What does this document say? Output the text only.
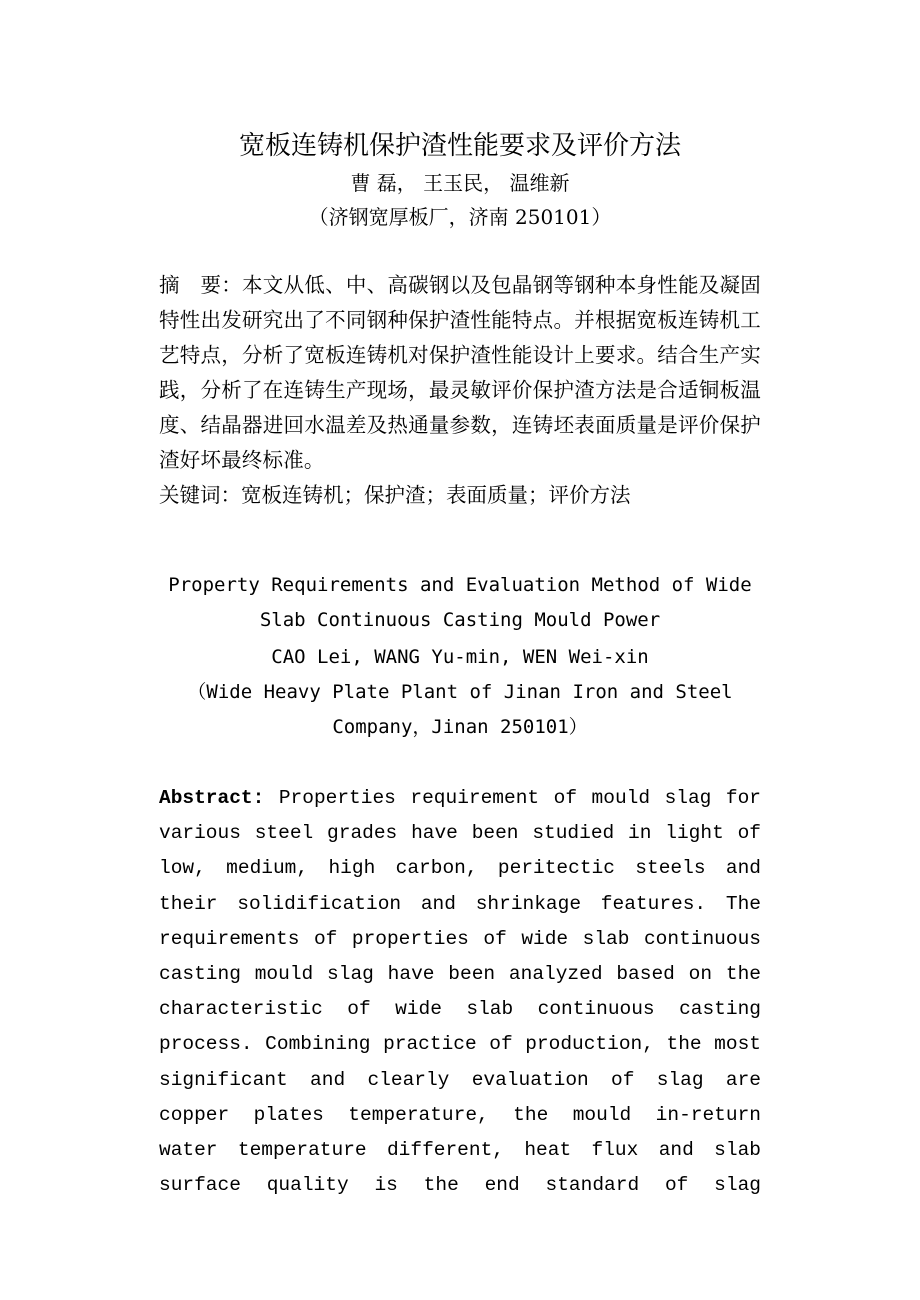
宽板连铸机保护渣性能要求及评价方法

曹 磊， 王玉民， 温维新

（济钢宽厚板厂，济南 250101）

摘　要：本文从低、中、高碳钢以及包晶钢等钢种本身性能及凝固特性出发研究出了不同钢种保护渣性能特点。并根据宽板连铸机工艺特点，分析了宽板连铸机对保护渣性能设计上要求。结合生产实践，分析了在连铸生产现场，最灵敏评价保护渣方法是合适铜板温度、结晶器进回水温差及热通量参数，连铸坯表面质量是评价保护渣好坏最终标准。

关键词：宽板连铸机；保护渣；表面质量；评价方法

Property Requirements and Evaluation Method of Wide
Slab Continuous Casting Mould Power

CAO Lei, WANG Yu-min, WEN Wei-xin

（Wide Heavy Plate Plant of Jinan Iron and Steel
Company，Jinan 250101）

Abstract: Properties requirement of mould slag for various steel grades have been studied in light of low, medium, high carbon, peritectic steels and their solidification and shrinkage features. The requirements of properties of wide slab continuous casting mould slag have been analyzed based on the characteristic of wide slab continuous casting process. Combining practice of production, the most significant and clearly evaluation of slag are copper plates temperature, the mould in-return water temperature different, heat flux and slab surface quality is the end standard of slag
